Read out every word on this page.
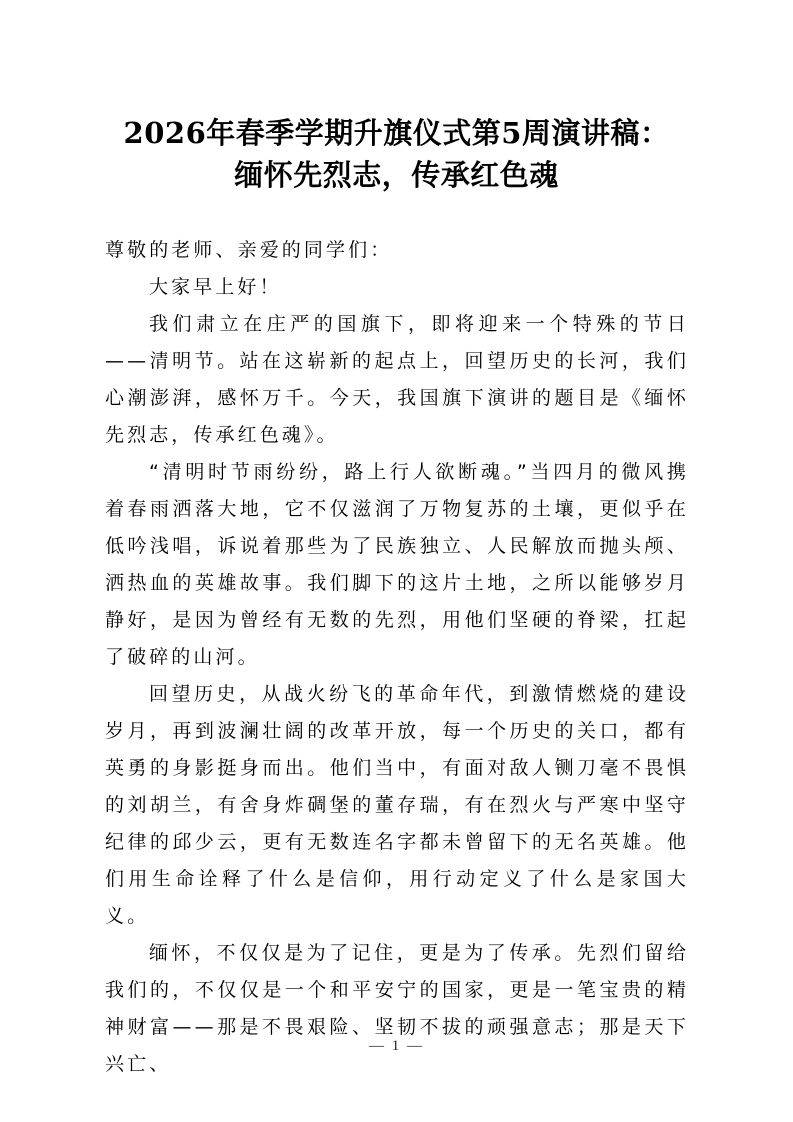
2026年春季学期升旗仪式第5周演讲稿：
缅怀先烈志，传承红色魂

尊敬的老师、亲爱的同学们：

大家早上好！

我们肃立在庄严的国旗下，即将迎来一个特殊的节日——清明节。站在这崭新的起点上，回望历史的长河，我们心潮澎湃，感怀万千。今天，我国旗下演讲的题目是《缅怀先烈志，传承红色魂》。

“清明时节雨纷纷，路上行人欲断魂。”当四月的微风携着春雨洒落大地，它不仅滋润了万物复苏的土壤，更似乎在低吟浅唱，诉说着那些为了民族独立、人民解放而抛头颅、洒热血的英雄故事。我们脚下的这片土地，之所以能够岁月静好，是因为曾经有无数的先烈，用他们坚硬的脊梁，扛起了破碎的山河。

回望历史，从战火纷飞的革命年代，到激情燃烧的建设岁月，再到波澜壮阔的改革开放，每一个历史的关口，都有英勇的身影挺身而出。他们当中，有面对敌人铡刀毫不畏惧的刘胡兰，有舍身炸碉堡的董存瑞，有在烈火与严寒中坚守纪律的邱少云，更有无数连名字都未曾留下的无名英雄。他们用生命诠释了什么是信仰，用行动定义了什么是家国大义。

缅怀，不仅仅是为了记住，更是为了传承。先烈们留给我们的，不仅仅是一个和平安宁的国家，更是一笔宝贵的精神财富——那是不畏艰险、坚韧不拔的顽强意志；那是天下兴亡、

— 1 —
